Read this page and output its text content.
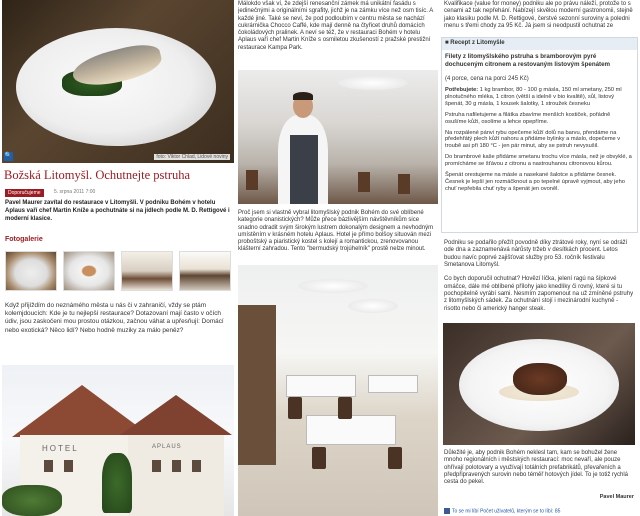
🔍	foto: Viktor Chlad, Lidové noviny
Božská Litomyšl. Ochutnejte pstruha
Doporučujeme	5. srpna 2011 7:00
Pavel Maurer zavítal do restaurace v Litomyšli. V podniku Bohém v hotelu Aplaus vaří chef Martin Kníže a pochutnáte si na jídlech podle M. D. Rettigové i moderní klasice.
Fotogalerie
Když přijíždím do neznámého města u nás či v zahraničí, vždy se ptám kolemjdoucích: Kde je tu nejlepší restaurace? Dotazovaní mají často v očích údiv, jsou zaskočeni mou prostou otázkou, začnou váhat a upřesňují: Domácí nebo exotická? Něco lidí? Nebo hodně muziky za málo peněz?
HOTEL	APLAUS
Málokdo však ví, že zdejší renesanční zámek má unikátní fasádu s jedinečnými a originálními sgrafity, jichž je na zámku více než osm tisíc. A každé jiné. Také se neví, že pod podloubím v centru města se nachází cukrárnička Chocco Caffé, kde mají denně na čtyřicet druhů domácích čokoládových pralinek. A neví se též, že v restauraci Bohém v hotelu Aplaus vaří chef Martin Kníže s osmiletou zkušeností z pražské prestižní restaurace Kampa Park.
Proč jsem si vlastně vybral litomyšlský podnik Bohém do své oblíbené kategorie onanistických? Může přece bázlivějším návštěvníkům sice snadno odradit svým širokým lustrem dokonalým designem a nevhodným umístěním v krásném hotelu Aplaus. Hotel je přímo bolšoy situován mezi proboštský a piaristický kostel s kolejí a romantickou, zrenovovanou klášterní zahradou. Tento "bermudský trojúhelník" prostě nelze minout.
Kvalifikace (value for money) podniku ale po právu náleží, protože to s cenami až tak nepřehání. Nabízejí skvělou moderní gastronomii, stejně jako klasiku podle M. D. Rettigové, čerstvé sezonní suroviny a poledni menu s třemi chody za 95 Kč. Já jsem si neodpustil ochutnat ze
■ Recept z Litomyšle
Filety z litomyšlského pstruha s bramborovým pyré dochuceným citronem a restovaným listovým špenátem
(4 porce, cena na porci 245 Kč)

Potřebujete: 1 kg brambor, 80 - 100 g másla, 150 ml smetany, 250 ml plnotučného mléka, 1 citron (větší a idelně v bio kvalitě), sůl, listový špenát, 30 g másla, 1 kousek šalotky, 1 stroužek česneku

Pstruha nafiletujeme a filátka zbavíme menších kostiček, pořádně osušíme kůži, osolíme a lehce opepříme.

Na rozpálené pánvi rybu opečeme kůží dolů na barvu, přendáme na předehřátý plech kůží nahoru a přidáme bylinky a máslo, dopečeme v troubě asi při 180 °C - jen pár minut, aby se pstruh nevysušil.

Do brambrové kaše přidáme smetanu trochu více másla, než je obvyklé, a promícháme se šťávou z citronu a nastrouhanou citronovou kůrou.

Špenát orestujeme na másle a nasekané šalotce a přidáme česnek. Česnek je lepší jen rozmáčknout a po tepelné úpravě vyjmout, aby jeho chuť nepřebila chuť ryby a špenát jen ovoněl.

Podniku se podařilo přežít povodně díky ztrátové roky, nyní se odráží ode dna a zaznamenává nárůsty tržeb v desítkách procent. Letos budou navíc poprvé zajišťovat služby pro 53. ročník festivalu Smetanova Litomyšl.

Co bych doporučil ochutnat? Hovězí líčka, jelení ragú na šípkové omáčce, dále mé oblíbené přílohy jako knedlíky či rovný, které si tu pochopitelně vyrábí sami. Nesmím zapomenout na už zmíněné pstruhy z litomyšlských sádek. Za ochutnání stojí i mezinárodní kuchyně - risotto nebo či americký hanger steak.
Důležité je, aby podnik Bohém neklesl tam, kam se bohužel žene mnoho regionálních i městských restaurací: moc nevaří, ale pouze ohřívají polotovary a využívají totálních prefabrikátů, převařeních a předpřipravených surovin nebo téměř hotových jídel. To je totiž rychlá cesta do pekel.
Pavel Maurer
To se mi líbí Počet uživatelů, kterým se to líbí: 85
